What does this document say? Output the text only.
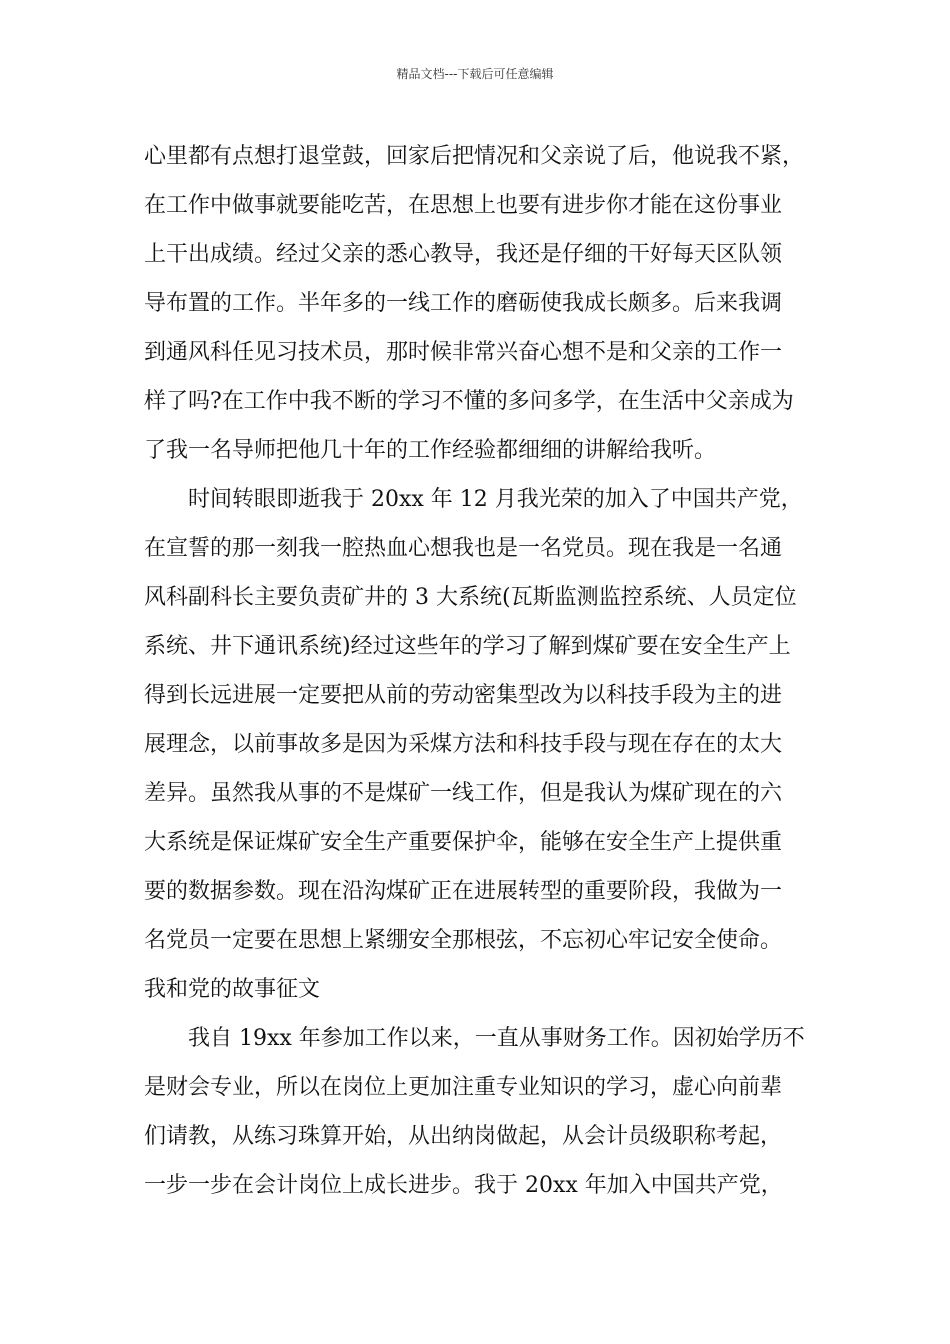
精品文档---下载后可任意编辑
心里都有点想打退堂鼓，回家后把情况和父亲说了后，他说我不紧，
在工作中做事就要能吃苦，在思想上也要有进步你才能在这份事业
上干出成绩。经过父亲的悉心教导，我还是仔细的干好每天区队领
导布置的工作。半年多的一线工作的磨砺使我成长颇多。后来我调
到通风科任见习技术员，那时候非常兴奋心想不是和父亲的工作一
样了吗?在工作中我不断的学习不懂的多问多学，在生活中父亲成为
了我一名导师把他几十年的工作经验都细细的讲解给我听。
时间转眼即逝我于 20xx 年 12 月我光荣的加入了中国共产党，
在宣誓的那一刻我一腔热血心想我也是一名党员。现在我是一名通
风科副科长主要负责矿井的 3 大系统(瓦斯监测监控系统、人员定位
系统、井下通讯系统)经过这些年的学习了解到煤矿要在安全生产上
得到长远进展一定要把从前的劳动密集型改为以科技手段为主的进
展理念，以前事故多是因为采煤方法和科技手段与现在存在的太大
差异。虽然我从事的不是煤矿一线工作，但是我认为煤矿现在的六
大系统是保证煤矿安全生产重要保护伞，能够在安全生产上提供重
要的数据参数。现在沿沟煤矿正在进展转型的重要阶段，我做为一
名党员一定要在思想上紧绷安全那根弦，不忘初心牢记安全使命。
我和党的故事征文
我自 19xx 年参加工作以来，一直从事财务工作。因初始学历不
是财会专业，所以在岗位上更加注重专业知识的学习，虚心向前辈
们请教，从练习珠算开始，从出纳岗做起，从会计员级职称考起，
一步一步在会计岗位上成长进步。我于 20xx 年加入中国共产党，
